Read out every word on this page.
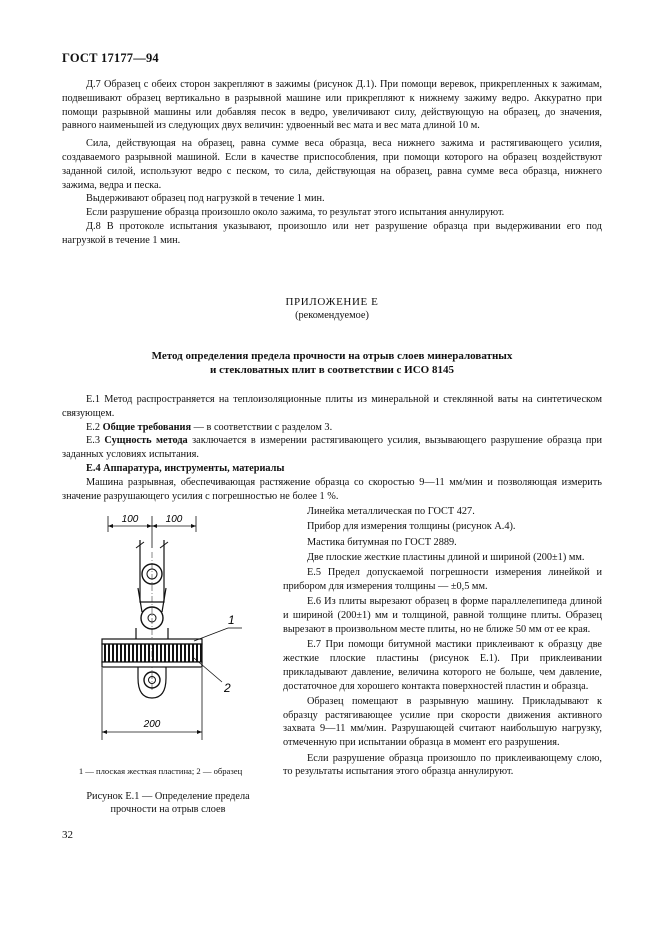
ГОСТ 17177—94

Д.7 Образец с обеих сторон закрепляют в зажимы (рисунок Д.1). При помощи веревок, прикрепленных к зажимам, подвешивают образец вертикально в разрывной машине или прикрепляют к нижнему зажиму ведро. Аккуратно при помощи разрывной машины или добавляя песок в ведро, увеличивают силу, действующую на образец, до значения, равного наименьшей из следующих двух величин: удвоенный вес мата и вес мата длиной 10 м.

Сила, действующая на образец, равна сумме веса образца, веса нижнего зажима и растягивающего усилия, создаваемого разрывной машиной. Если в качестве приспособления, при помощи которого на образец воздействуют заданной силой, используют ведро с песком, то сила, действующая на образец, равна сумме веса образца, нижнего зажима, ведра и песка.

Выдерживают образец под нагрузкой в течение 1 мин.

Если разрушение образца произошло около зажима, то результат этого испытания аннулируют.

Д.8 В протоколе испытания указывают, произошло или нет разрушение образца при выдерживании его под нагрузкой в течение 1 мин.

ПРИЛОЖЕНИЕ Е
(рекомендуемое)
Метод определения предела прочности на отрыв слоев минераловатных
и стекловатных плит в соответствии с ИСО 8145

Е.1 Метод распространяется на теплоизоляционные плиты из минеральной и стеклянной ваты на синтетическом связующем.

Е.2 Общие требования — в соответствии с разделом 3.

Е.3 Сущность метода заключается в измерении растягивающего усилия, вызывающего разрушение образца при заданных условиях испытания.

Е.4 Аппаратура, инструменты, материалы

Машина разрывная, обеспечивающая растяжение образца со скоростью 9—11 мм/мин и позволяющая измерить значение разрушающего усилия с погрешностью не более 1 %.

Линейка металлическая по ГОСТ 427.

Прибор для измерения толщины (рисунок А.4).

Мастика битумная по ГОСТ 2889.

Две плоские жесткие пластины длиной и шириной (200±1) мм.

Е.5 Предел допускаемой погрешности измерения линейкой и прибором для измерения толщины — ±0,5 мм.

Е.6 Из плиты вырезают образец в форме параллелепипеда длиной и шириной (200±1) мм и толщиной, равной толщине плиты. Образец вырезают в произвольном месте плиты, но не ближе 50 мм от ее края.

Е.7 При помощи битумной мастики приклеивают к образцу две жесткие плоские пластины (рисунок Е.1). При приклеивании прикладывают давление, величина которого не больше, чем давление, достаточное для хорошего контакта поверхностей пластин и образца.

Образец помещают в разрывную машину. Прикладывают к образцу растягивающее усилие при скорости движения активного захвата 9—11 мм/мин. Разрушающей считают наибольшую нагрузку, отмеченную при испытании образца в момент его разрушения.

Если разрушение образца произошло по приклеивающему слою, то результаты испытания этого образца аннулируют.

100	100
1
2
200
1 — плоская жесткая пластина; 2 — образец
Рисунок Е.1 — Определение предела
прочности на отрыв слоев
32
